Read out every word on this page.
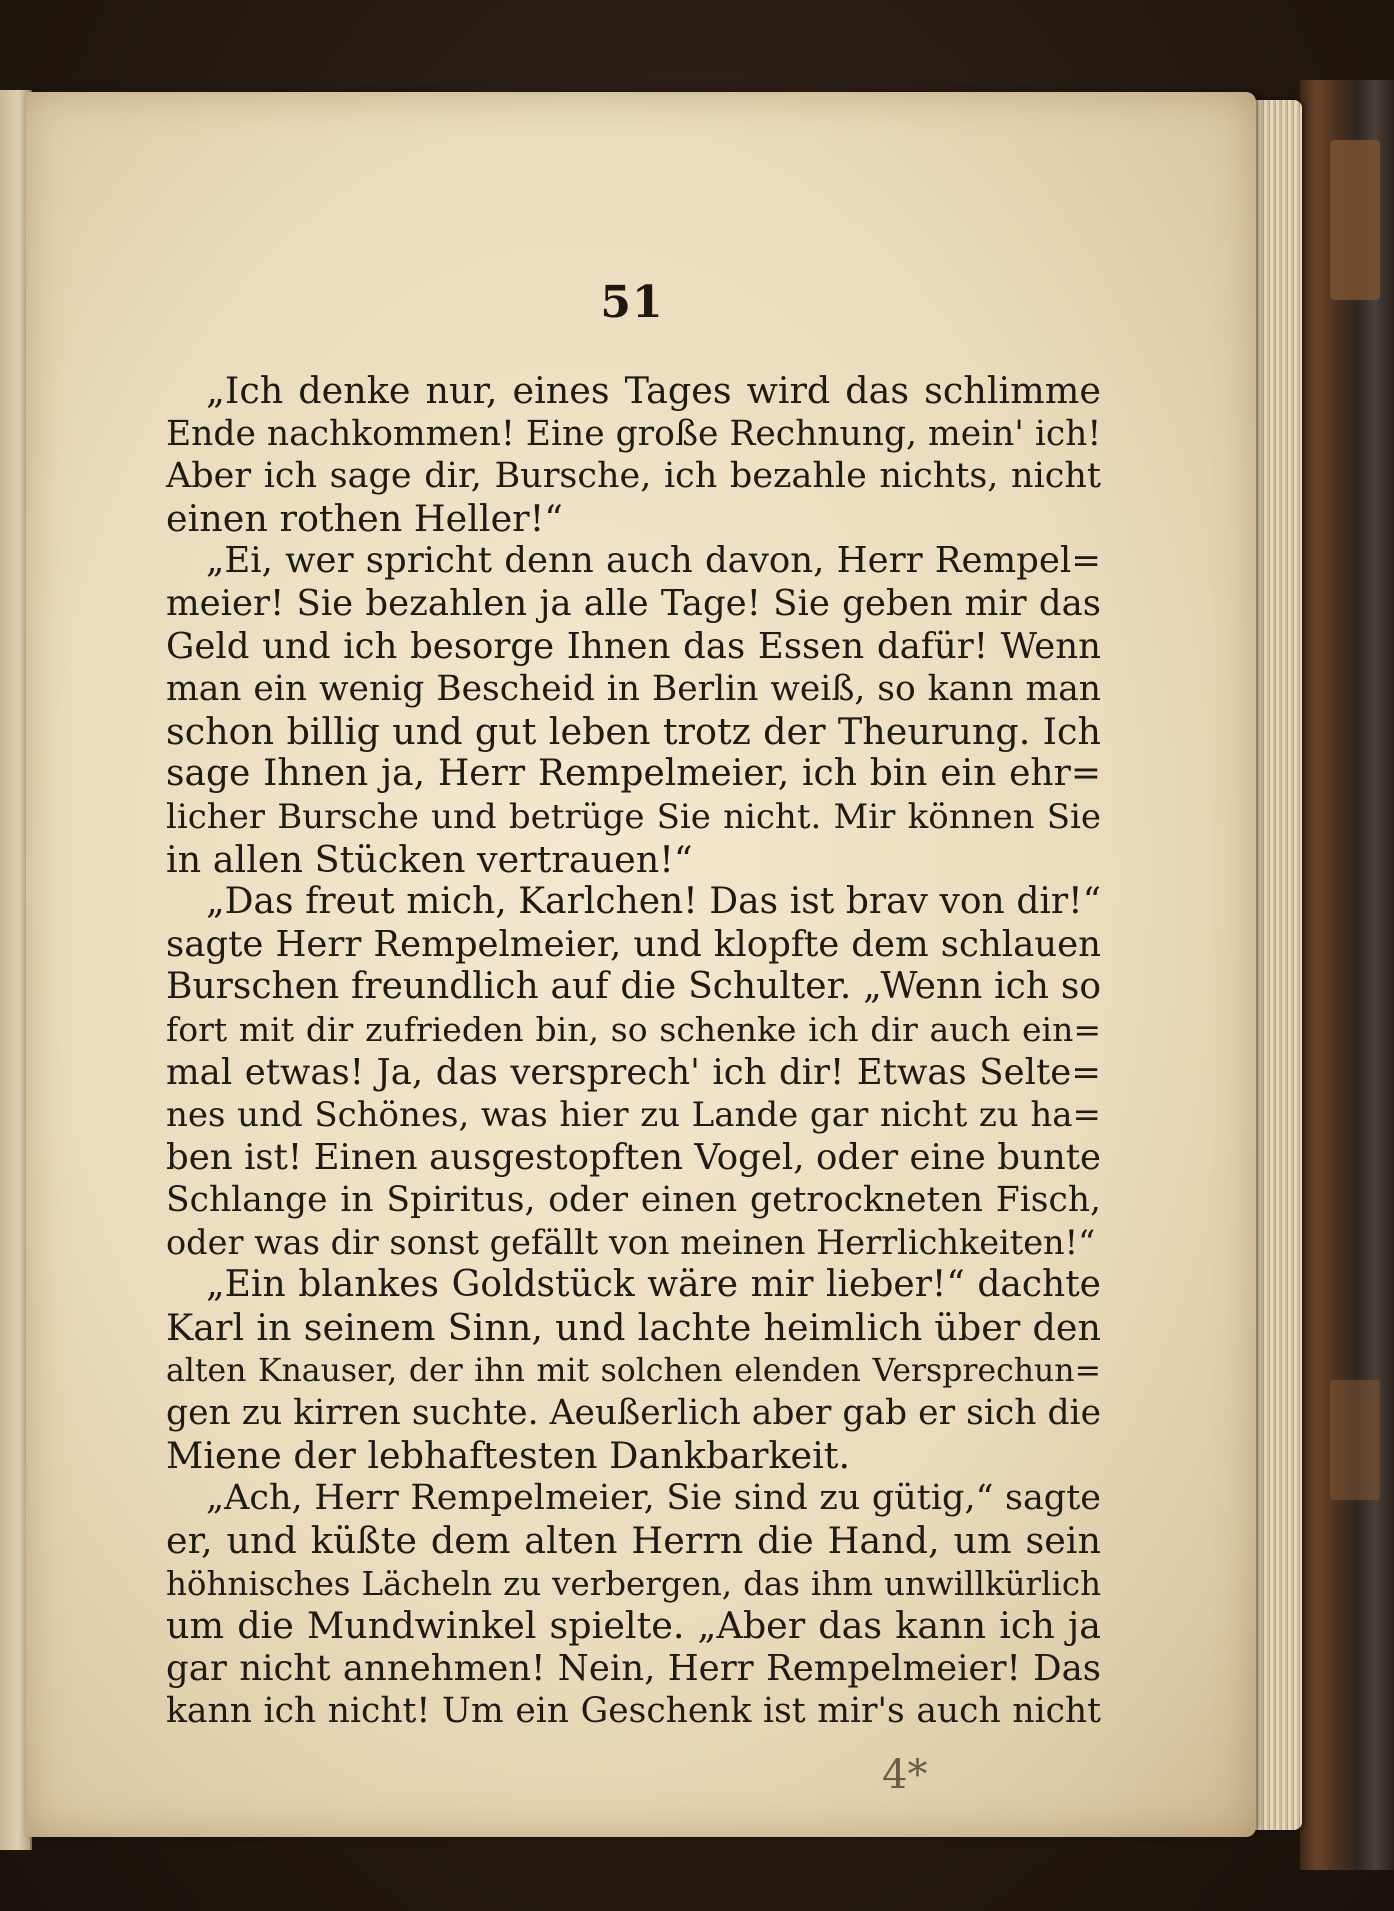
51
„Ich denke nur, eines Tages wird das schlimme
Ende nachkommen! Eine große Rechnung, mein' ich!
Aber ich sage dir, Bursche, ich bezahle nichts, nicht
einen rothen Heller!“
„Ei, wer spricht denn auch davon, Herr Rempel=
meier! Sie bezahlen ja alle Tage! Sie geben mir das
Geld und ich besorge Ihnen das Essen dafür! Wenn
man ein wenig Bescheid in Berlin weiß, so kann man
schon billig und gut leben trotz der Theurung. Ich
sage Ihnen ja, Herr Rempelmeier, ich bin ein ehr=
licher Bursche und betrüge Sie nicht. Mir können Sie
in allen Stücken vertrauen!“
„Das freut mich, Karlchen! Das ist brav von dir!“
sagte Herr Rempelmeier, und klopfte dem schlauen
Burschen freundlich auf die Schulter. „Wenn ich so
fort mit dir zufrieden bin, so schenke ich dir auch ein=
mal etwas! Ja, das versprech' ich dir! Etwas Selte=
nes und Schönes, was hier zu Lande gar nicht zu ha=
ben ist! Einen ausgestopften Vogel, oder eine bunte
Schlange in Spiritus, oder einen getrockneten Fisch,
oder was dir sonst gefällt von meinen Herrlichkeiten!“
„Ein blankes Goldstück wäre mir lieber!“ dachte
Karl in seinem Sinn, und lachte heimlich über den
alten Knauser, der ihn mit solchen elenden Versprechun=
gen zu kirren suchte. Aeußerlich aber gab er sich die
Miene der lebhaftesten Dankbarkeit.
„Ach, Herr Rempelmeier, Sie sind zu gütig,“ sagte
er, und küßte dem alten Herrn die Hand, um sein
höhnisches Lächeln zu verbergen, das ihm unwillkürlich
um die Mundwinkel spielte. „Aber das kann ich ja
gar nicht annehmen! Nein, Herr Rempelmeier! Das
kann ich nicht! Um ein Geschenk ist mir's auch nicht
4*
